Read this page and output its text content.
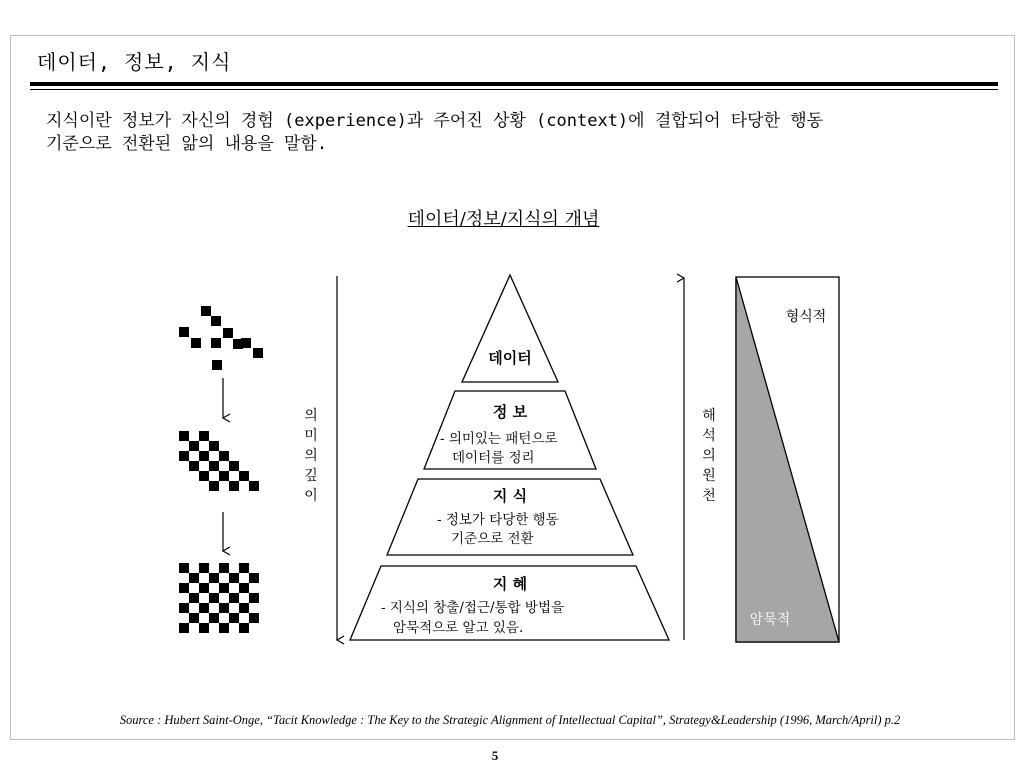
데이터, 정보, 지식
지식이란 정보가 자신의 경험 (experience)과 주어진 상황 (context)에 결합되어 타당한 행동
기준으로 전환된 앎의 내용을 말함.
데이터/정보/지식의 개념
의
미
의
깊
이
데이터
정 보
- 의미있는 패턴으로
데이터를 정리
지 식
- 정보가 타당한 행동
기준으로 전환
지 혜
- 지식의 창출/접근/통합 방법을
암묵적으로 알고 있음.
해
석
의
원
천
형식적
암묵적
Source : Hubert Saint-Onge, “Tacit Knowledge : The Key to the Strategic Alignment of Intellectual Capital”, Strategy&Leadership (1996, March/April) p.2
5
